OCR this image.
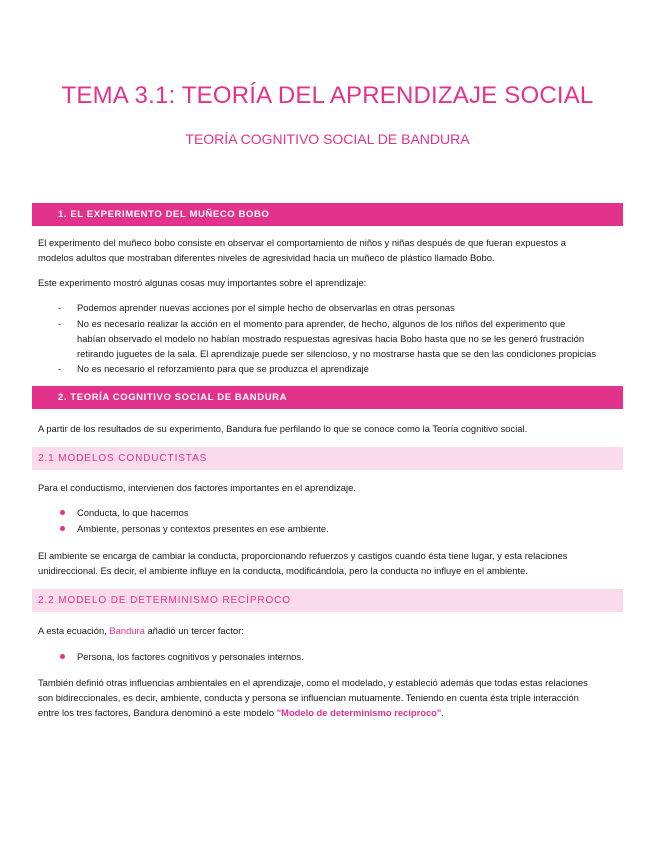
TEMA 3.1: TEORÍA DEL APRENDIZAJE SOCIAL
TEORÍA COGNITIVO SOCIAL DE BANDURA
1. EL EXPERIMENTO DEL MUÑECO BOBO
El experimento del muñeco bobo consiste en observar el comportamiento de niños y niñas después de que fueran expuestos a
modelos adultos que mostraban diferentes niveles de agresividad hacia un muñeco de plástico llamado Bobo.
Este experimento mostró algunas cosas muy importantes sobre el aprendizaje:
- Podemos aprender nuevas acciones por el simple hecho de observarlas en otras personas
- No es necesario realizar la acción en el momento para aprender, de hecho, algunos de los niños del experimento que
habían observado el modelo no habían mostrado respuestas agresivas hacia Bobo hasta que no se les generó frustración
retirando juguetes de la sala. El aprendizaje puede ser silencioso, y no mostrarse hasta que se den las condiciones propicias
- No es necesario el reforzamiento para que se produzca el aprendizaje
2. TEORÍA COGNITIVO SOCIAL DE BANDURA
A partir de los resultados de su experimento, Bandura fue perfilando lo que se conoce como la Teoría cognitivo social.
2.1 MODELOS CONDUCTISTAS
Para el conductismo, intervienen dos factores importantes en el aprendizaje.
Conducta, lo que hacemos
Ambiente, personas y contextos presentes en ese ambiente.
El ambiente se encarga de cambiar la conducta, proporcionando refuerzos y castigos cuando ésta tiene lugar, y esta relaciones
unidireccional. Es decir, el ambiente influye en la conducta, modificándola, pero la conducta no influye en el ambiente.
2.2 MODELO DE DETERMINISMO RECÍPROCO
A esta ecuación, Bandura añadió un tercer factor:
Persona, los factores cognitivos y personales internos.
También definió otras influencias ambientales en el aprendizaje, como el modelado, y estableció además que todas estas relaciones
son bidireccionales, es decir, ambiente, conducta y persona se influencian mutuamente. Teniendo en cuenta ésta triple interacción
entre los tres factores, Bandura denominó a este modelo "Modelo de determinismo recíproco".
